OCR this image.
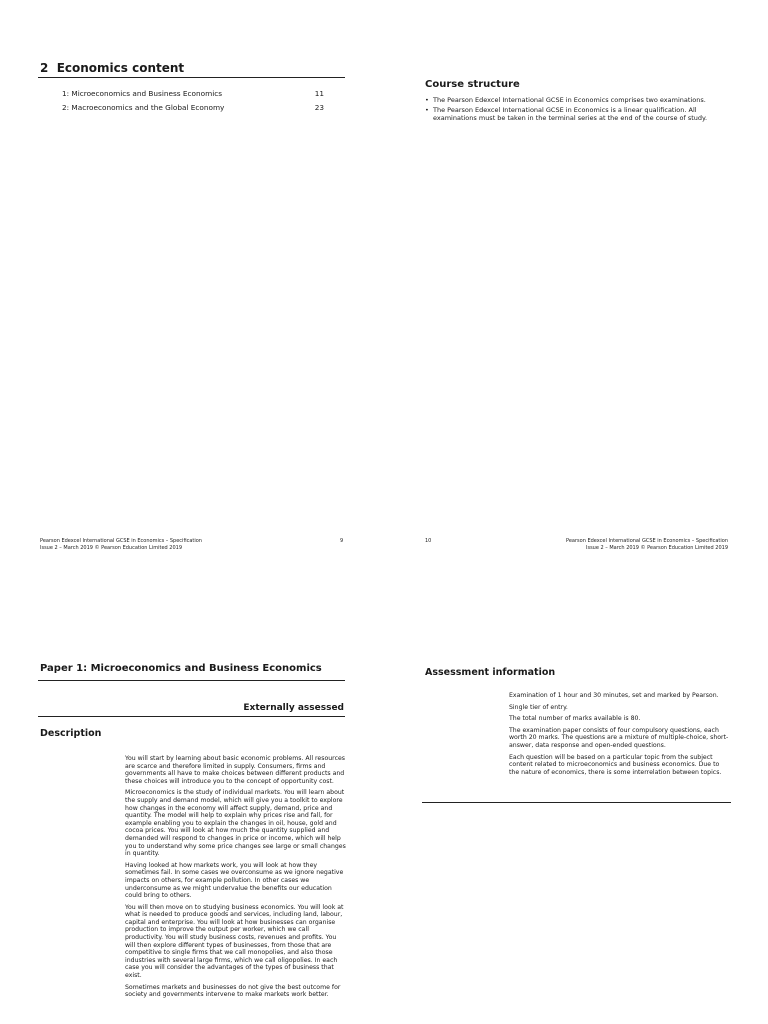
2  Economics content
1: Microeconomics and Business Economics	11
2: Macroeconomics and the Global Economy	23
Pearson Edexcel International GCSE in Economics – Specification
Issue 2 – March 2019 © Pearson Education Limited 2019
9
Course structure
• The Pearson Edexcel International GCSE in Economics comprises two examinations.
• The Pearson Edexcel International GCSE in Economics is a linear qualification. All examinations must be taken in the terminal series at the end of the course of study.
10	Pearson Edexcel International GCSE in Economics – Specification
Issue 2 – March 2019 © Pearson Education Limited 2019
Paper 1: Microeconomics and Business Economics
Externally assessed
Description

You will start by learning about basic economic problems. All resources are scarce and therefore limited in supply. Consumers, firms and governments all have to make choices between different products and these choices will introduce you to the concept of opportunity cost.

Microeconomics is the study of individual markets. You will learn about the supply and demand model, which will give you a toolkit to explore how changes in the economy will affect supply, demand, price and quantity. The model will help to explain why prices rise and fall, for example enabling you to explain the changes in oil, house, gold and cocoa prices. You will look at how much the quantity supplied and demanded will respond to changes in price or income, which will help you to understand why some price changes see large or small changes in quantity.

Having looked at how markets work, you will look at how they sometimes fail. In some cases we overconsume as we ignore negative impacts on others, for example pollution. In other cases we underconsume as we might undervalue the benefits our education could bring to others.

You will then move on to studying business economics. You will look at what is needed to produce goods and services, including land, labour, capital and enterprise. You will look at how businesses can organise production to improve the output per worker, which we call productivity. You will study business costs, revenues and profits. You will then explore different types of businesses, from those that are competitive to single firms that we call monopolies, and also those industries with several large firms, which we call oligopolies. In each case you will consider the advantages of the types of business that exist.

Sometimes markets and businesses do not give the best outcome for society and governments intervene to make markets work better.

Assessment information

Examination of 1 hour and 30 minutes, set and marked by Pearson.

Single tier of entry.

The total number of marks available is 80.

The examination paper consists of four compulsory questions, each worth 20 marks. The questions are a mixture of multiple-choice, short-answer, data response and open-ended questions.

Each question will be based on a particular topic from the subject content related to microeconomics and business economics. Due to the nature of economics, there is some interrelation between topics.
